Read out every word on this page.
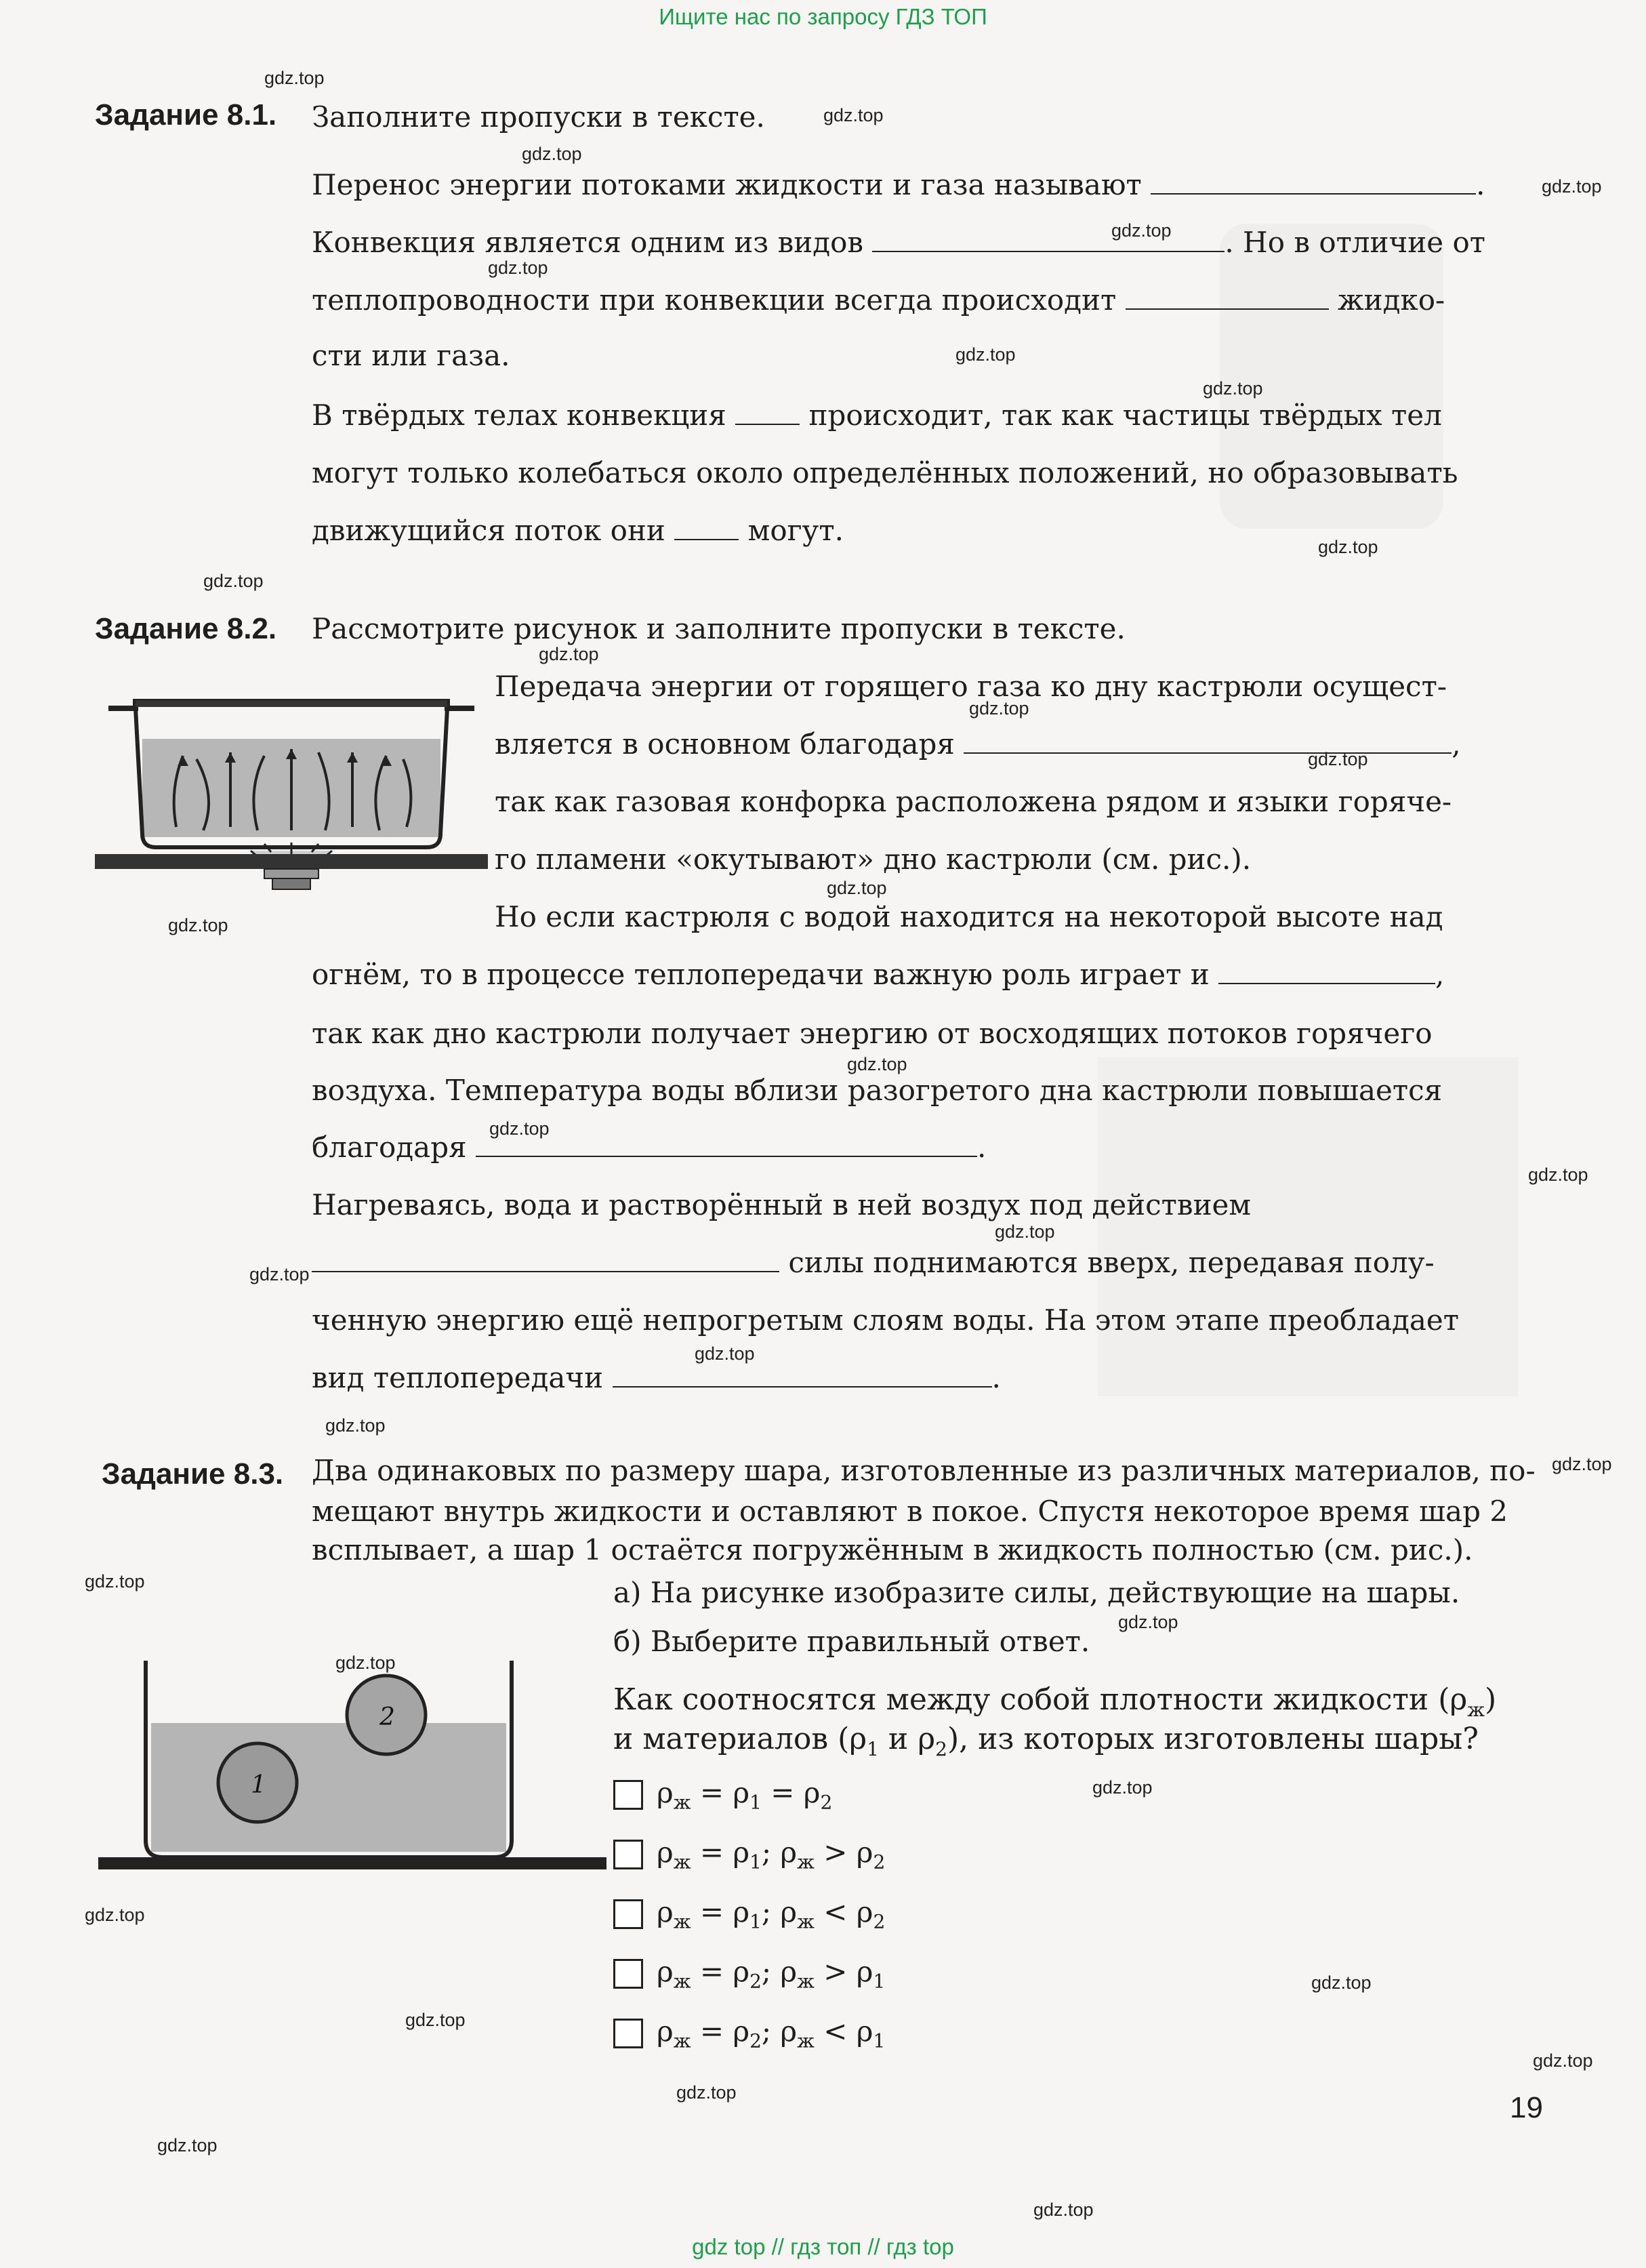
Ищите нас по запросу ГДЗ ТОП
gdz top // гдз топ // гдз top
gdz.top
gdz.top
gdz.top
gdz.top
gdz.top
gdz.top
gdz.top
gdz.top
gdz.top
gdz.top
gdz.top
gdz.top
gdz.top
gdz.top
gdz.top
gdz.top
gdz.top
gdz.top
gdz.top
gdz.top
gdz.top
gdz.top
gdz.top
gdz.top
gdz.top
gdz.top
gdz.top
gdz.top
gdz.top
gdz.top
gdz.top
gdz.top
gdz.top
gdz.top
Задание 8.1. Заполните пропуски в тексте.
Перенос энергии потоками жидкости и газа называют	.
Конвекция является одним из видов	. Но в отличие от
теплопроводности при конвекции всегда происходит	жидко-
сти или газа.
В твёрдых телах конвекция	происходит, так как частицы твёрдых тел
могут только колебаться около определённых положений, но образовывать
движущийся поток они	могут.
Задание 8.2. Рассмотрите рисунок и заполните пропуски в тексте.
Передача энергии от горящего газа ко дну кастрюли осущест-
вляется в основном благодаря	,
так как газовая конфорка расположена рядом и языки горяче-
го пламени «окутывают» дно кастрюли (см. рис.).
Но если кастрюля с водой находится на некоторой высоте над
огнём, то в процессе теплопередачи важную роль играет и	,
так как дно кастрюли получает энергию от восходящих потоков горячего
воздуха. Температура воды вблизи разогретого дна кастрюли повышается
благодаря	.
Нагреваясь, вода и растворённый в ней воздух под действием
силы поднимаются вверх, передавая полу-
ченную энергию ещё непрогретым слоям воды. На этом этапе преобладает
вид теплопередачи	.
Задание 8.3. Два одинаковых по размеру шара, изготовленные из различных материалов, по-
мещают внутрь жидкости и оставляют в покое. Спустя некоторое время шар 2
всплывает, а шар 1 остаётся погружённым в жидкость полностью (см. рис.).
а) На рисунке изобразите силы, действующие на шары.
б) Выберите правильный ответ.
1
2
Как соотносятся между собой плотности жидкости $(\rho_ж)$
и материалов ($\rho_1$ и $\rho_2$), из которых изготовлены шары?
$\rho_ж = \rho_1 = \rho_2$
$\rho_ж = \rho_1$; $\rho_ж > \rho_2$
$\rho_ж = \rho_1$; $\rho_ж < \rho_2$
$\rho_ж = \rho_2$; $\rho_ж > \rho_1$
$\rho_ж = \rho_2$; $\rho_ж < \rho_1$
19
